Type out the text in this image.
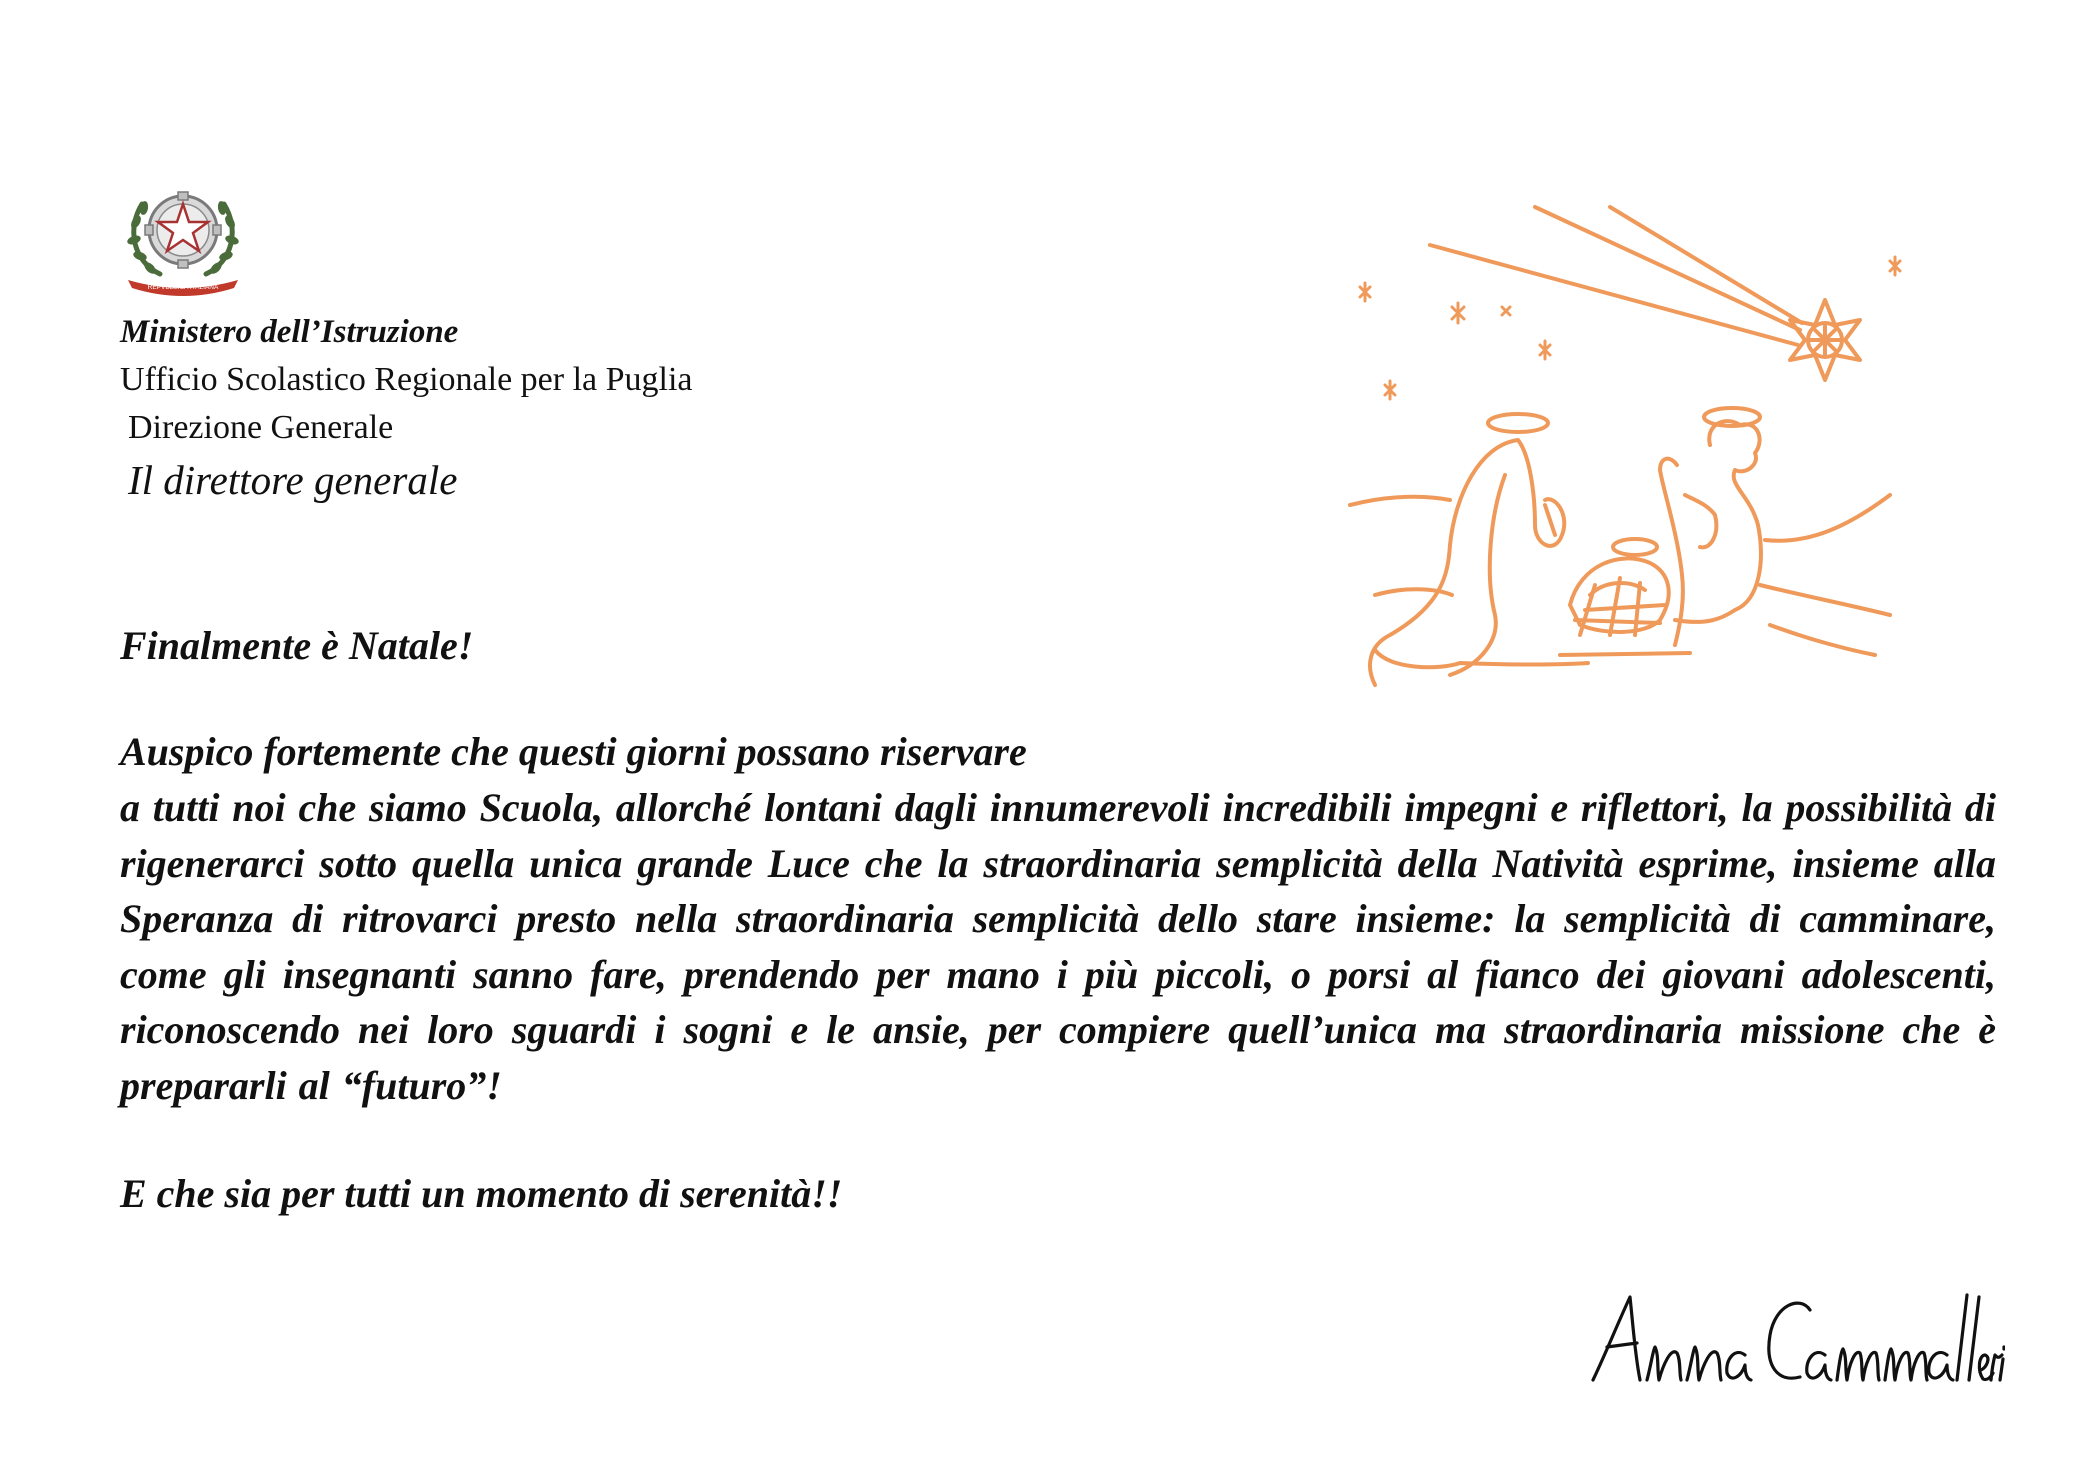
REPVBBLICA ITALIANA
Ministero dell’Istruzione
Ufficio Scolastico Regionale per la Puglia
Direzione Generale
Il direttore generale

Finalmente è Natale!

Auspico fortemente che questi giorni possano riservare

a tutti noi che siamo Scuola, allorché lontani dagli innumerevoli incredibili impegni e riflettori, la possibilità di rigenerarci sotto quella unica grande Luce che la straordinaria semplicità della Natività esprime, insieme alla Speranza di ritrovarci presto nella straordinaria semplicità dello stare insieme: la semplicità di camminare, come gli insegnanti sanno fare, prendendo per mano i più piccoli, o porsi al fianco dei giovani adolescenti, riconoscendo nei loro sguardi i sogni e le ansie, per compiere quell’unica ma straordinaria missione che è prepararli al “futuro”!

E che sia per tutti un momento di serenità!!
